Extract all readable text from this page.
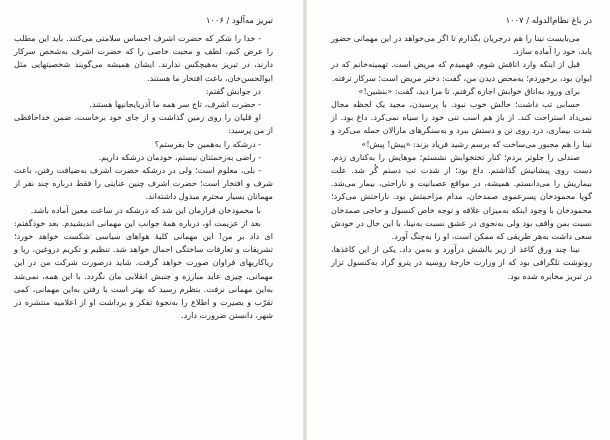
تبریز مه‌آلود / ۱۰۰۶

- خدا را شکر که حضرت اشرف احساس سلامتی می‌کنند. باید این مطلب را عرض کنم، لطف و محبت خاصی را که حضرت اشرف به‌شخص سرکار دارند، در تبریز به‌هیچکس ندارند. ایشان همیشه می‌گویند شخصیتهایی مثل ابوالحسن‌خان، باعث افتخار ما هستند.

در جوابش گفتم:

- حضرت اشرف، تاج سر همه ما آذربایجانیها هستند.

او قلیان را روی زمین گذاشت و از جای خود برخاست، ضمن خداحافظی از من پرسید:

- درشکه را به‌همین جا بفرستم؟

- راضی به‌زحمتتان نیستم، خودمان درشکه داریم.

- بلی، معلوم است؛ ولی در درشکه حضرت اشرف به‌ضیافت رفتن، باعث شرف و افتخار است؛ حضرت اشرف چنین عنایتی را فقط درباره چند نفر از مهمانان بسیار محترم مبذول داشته‌اند.

با محمودخان قرارمان این شد که درشکه در ساعت معین آماده باشد.

بعد از عزیمت او، درباره همهٔ جوانب این مهمانی اندیشیدم. بعد خودگفتم: ای داد بر من! این مهمانی کلیهٔ هواهای سیاسی شکست خواهد خورد؛ تشریفات و تعارفات ساختگی احمال خواهد شد. تنظیم و تکریم دروغین، ریا و ریاکاریهای فراوان صورت خواهد گرفت. شاید درصورت شرکت من در این مهمانی، چیزی عاید مبارزه و جنبش انقلابی مان نگردد. با این همه، نمی‌شد به‌این مهمانی نرفت. بنظرم رسید که بهتر است با رفتن به‌این مهمانی، کمی تقرّب و بصیرت و اطلاع را به‌نحوهٔ تفکر و برداشت او از اعلامیه منتشره در شهر، دانستن ضرورت دارد.

در باغ نظام‌الدوله / ۱۰۰۷

می‌بایست نینا را هم درجریان بگذارم تا اگر می‌خواهد در این مهمانی حضور یابد، خود را آماده سازد.

قبل از اینکه وارد اتاقش شوم، فهمیدم که مریض است. تهمینه‌خانم که در ایوان بود، برخوردم؛ به‌محض دیدن من، گفت: دختر مریض است؛ سرکار ترفته.

برای ورود به‌اتاق خوابش اجازه گرفتم. تا مرا دید، گفت: «بنشین!»

حسابی تب داشت؛ حالش خوب نبود. با پرسیدن، مجید یک لحظه مجال نمی‌داد استراحت کند. از باز هم اسب تنی خود را سیاه نمی‌کرد. داغ بود. از شدت بیماری، درد روی تن و دستش ببرد و به‌سنگرهای مارالان حمله می‌کرد و نینا را هم مجبور می‌ساخت که برسم رشید فریاد بزند: «پیش! پیش!»

صندلی را جلوتر بردم؛ کنار تختخوابش نشستم؛ موهایش را به‌کناری زدم. دست روی پیشانیش گذاشتم. داغ بود؛ از شدت تب دستم گُر شد. علت بیماریش را می‌دانستم. همیشه، در مواقع عصبانیت و ناراحتی، بیمار می‌شد. گویا محمودخان پسرعموی صمدخان، مدام مزاحمتش بود. ناراحتش می‌کرد؛ محمودخان با وجود اینکه به‌میزان علاقه و توجه خاص کنسول و حاجی صمدخان نسبت بمن واقف بود ولی به‌نحوی در عشق نسبت به‌نینا، با این حال در خودش سعی داشت به‌هر طریقی که ممکن است، او را به‌چنگ آورد.

نینا چند ورق کاغذ از زیر بالشش درآورد و به‌من داد. یکی از این کاغذها، رونوشت تلگرافی بود که از وزارت خارجهٔ روسیه در پترو گراد به‌کنسول تزار در تبریز مخابره شده بود.
